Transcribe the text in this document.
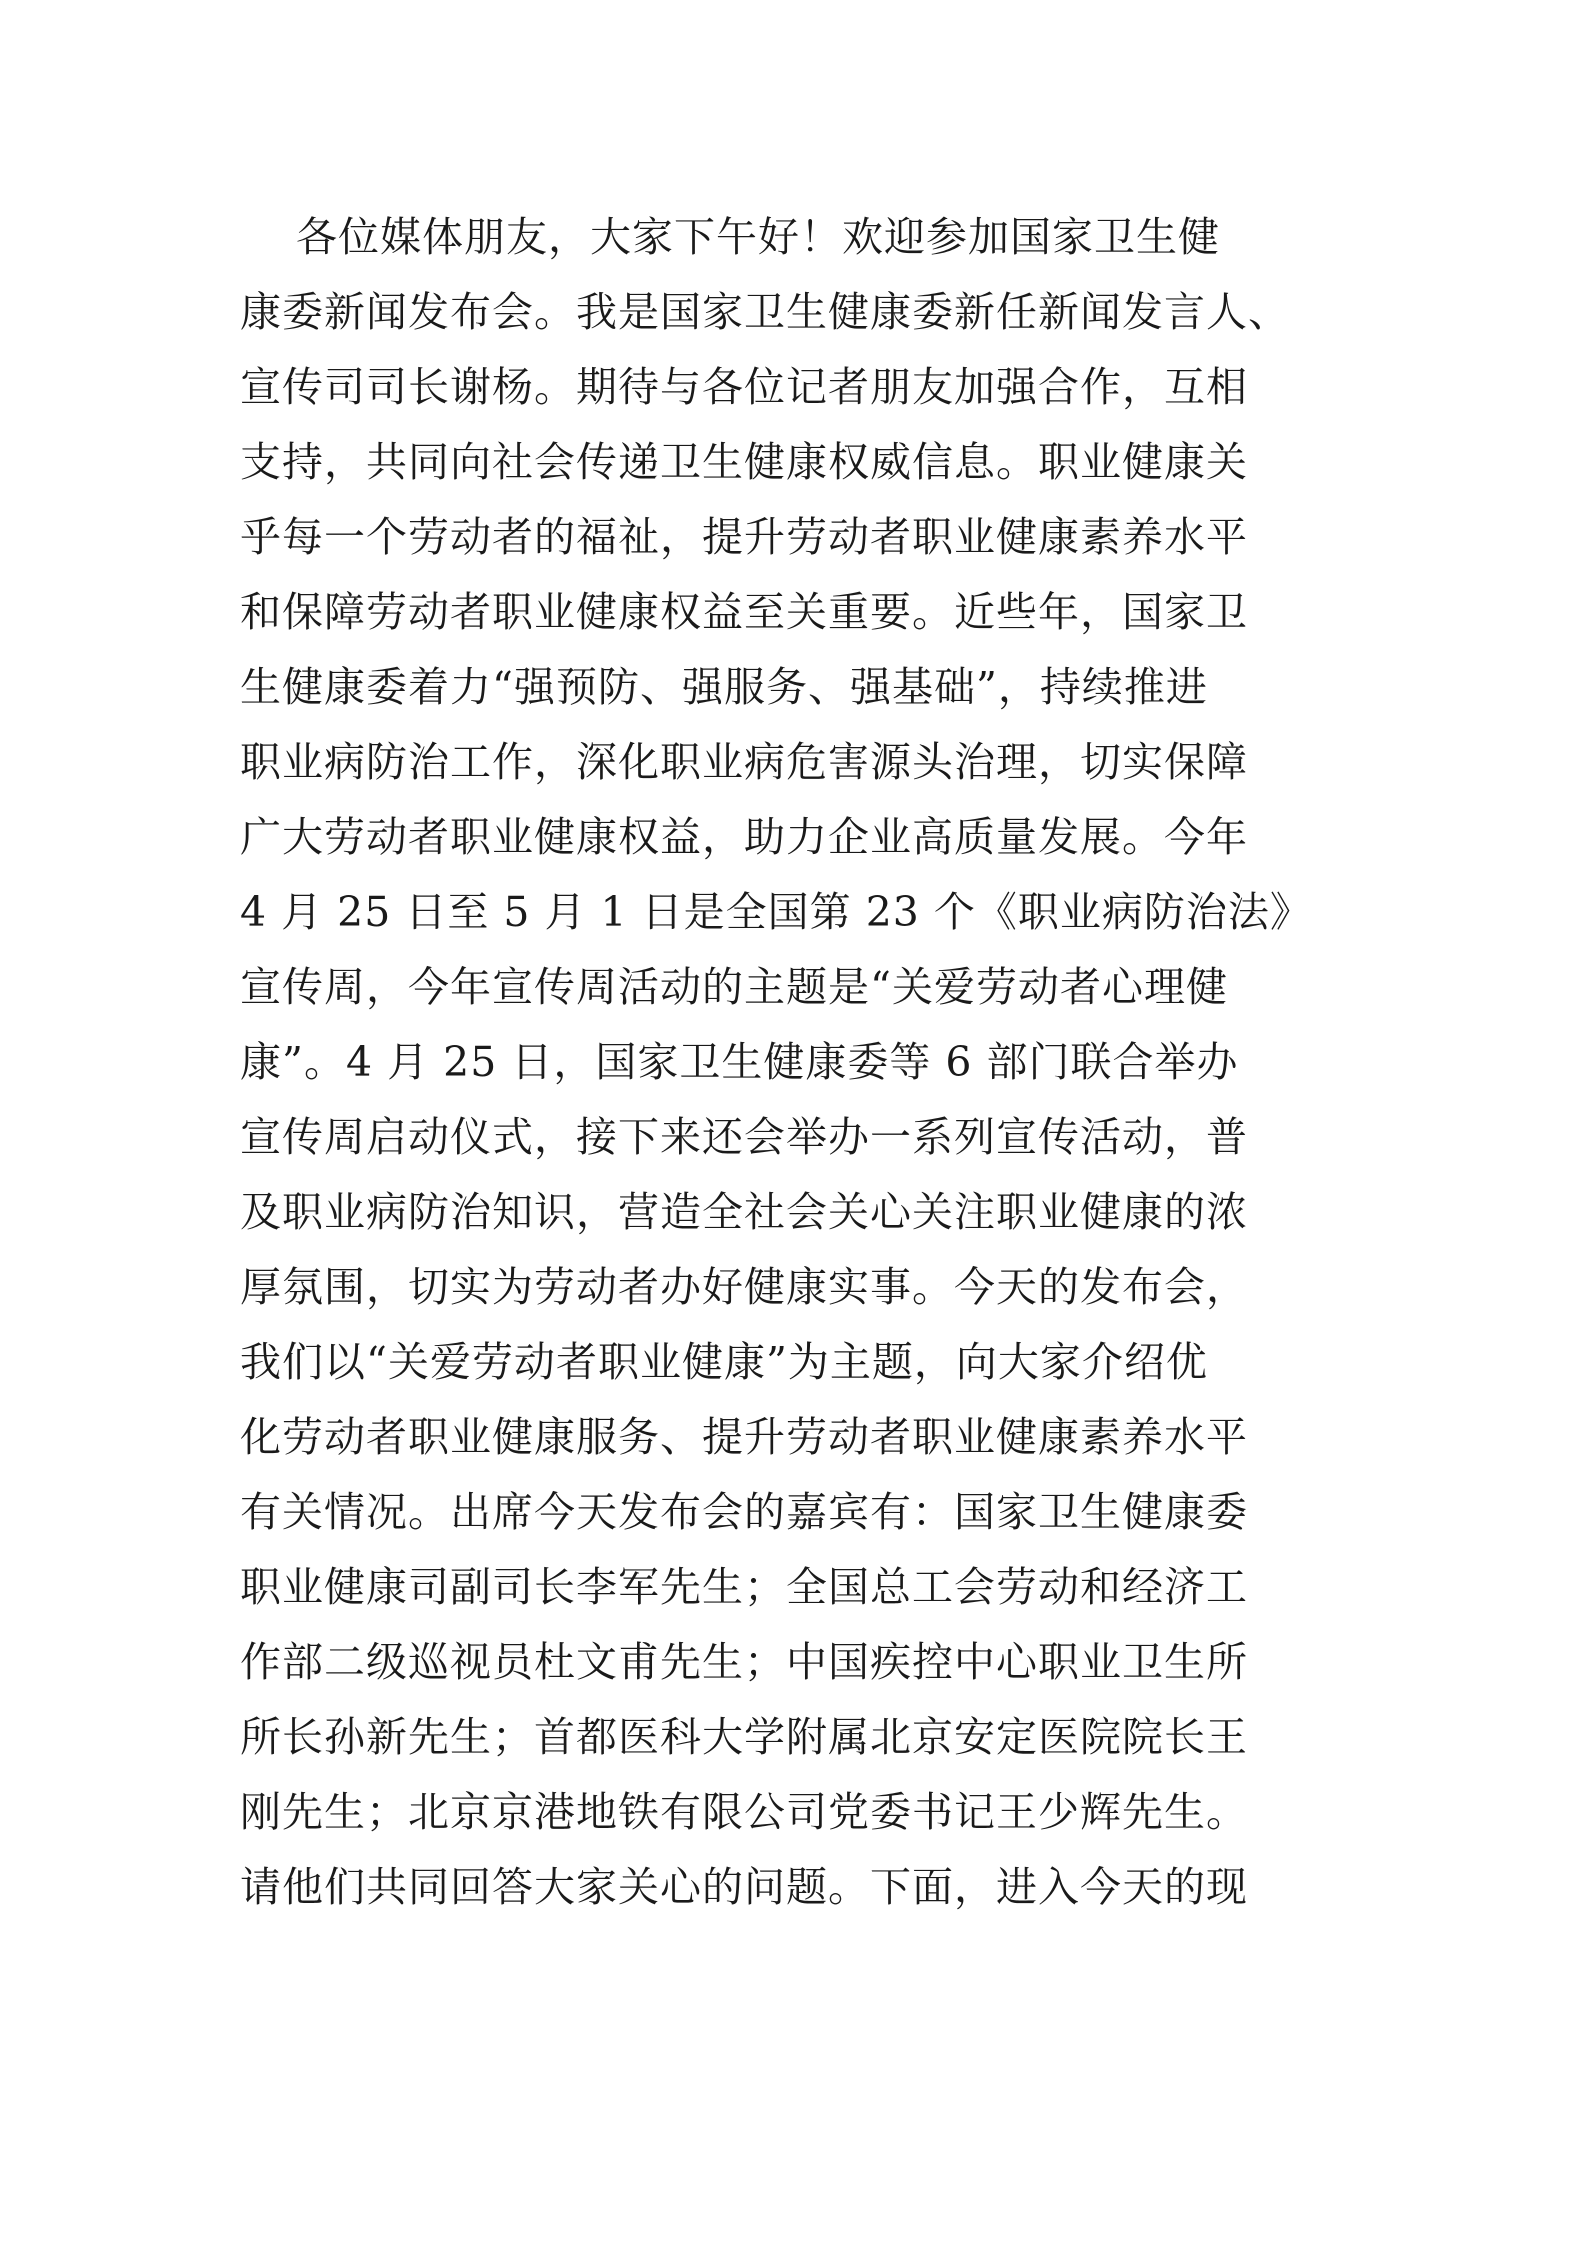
各位媒体朋友，大家下午好！欢迎参加国家卫生健
康委新闻发布会。我是国家卫生健康委新任新闻发言人、
宣传司司长谢杨。期待与各位记者朋友加强合作，互相
支持，共同向社会传递卫生健康权威信息。职业健康关
乎每一个劳动者的福祉，提升劳动者职业健康素养水平
和保障劳动者职业健康权益至关重要。近些年，国家卫
生健康委着力“强预防、强服务、强基础”，持续推进
职业病防治工作，深化职业病危害源头治理，切实保障
广大劳动者职业健康权益，助力企业高质量发展。今年
4 月 25 日至 5 月 1 日是全国第 23 个《职业病防治法》
宣传周，今年宣传周活动的主题是“关爱劳动者心理健
康”。4 月 25 日，国家卫生健康委等 6 部门联合举办
宣传周启动仪式，接下来还会举办一系列宣传活动，普
及职业病防治知识，营造全社会关心关注职业健康的浓
厚氛围，切实为劳动者办好健康实事。今天的发布会，
我们以“关爱劳动者职业健康”为主题，向大家介绍优
化劳动者职业健康服务、提升劳动者职业健康素养水平
有关情况。出席今天发布会的嘉宾有：国家卫生健康委
职业健康司副司长李军先生；全国总工会劳动和经济工
作部二级巡视员杜文甫先生；中国疾控中心职业卫生所
所长孙新先生；首都医科大学附属北京安定医院院长王
刚先生；北京京港地铁有限公司党委书记王少辉先生。
请他们共同回答大家关心的问题。下面，进入今天的现
